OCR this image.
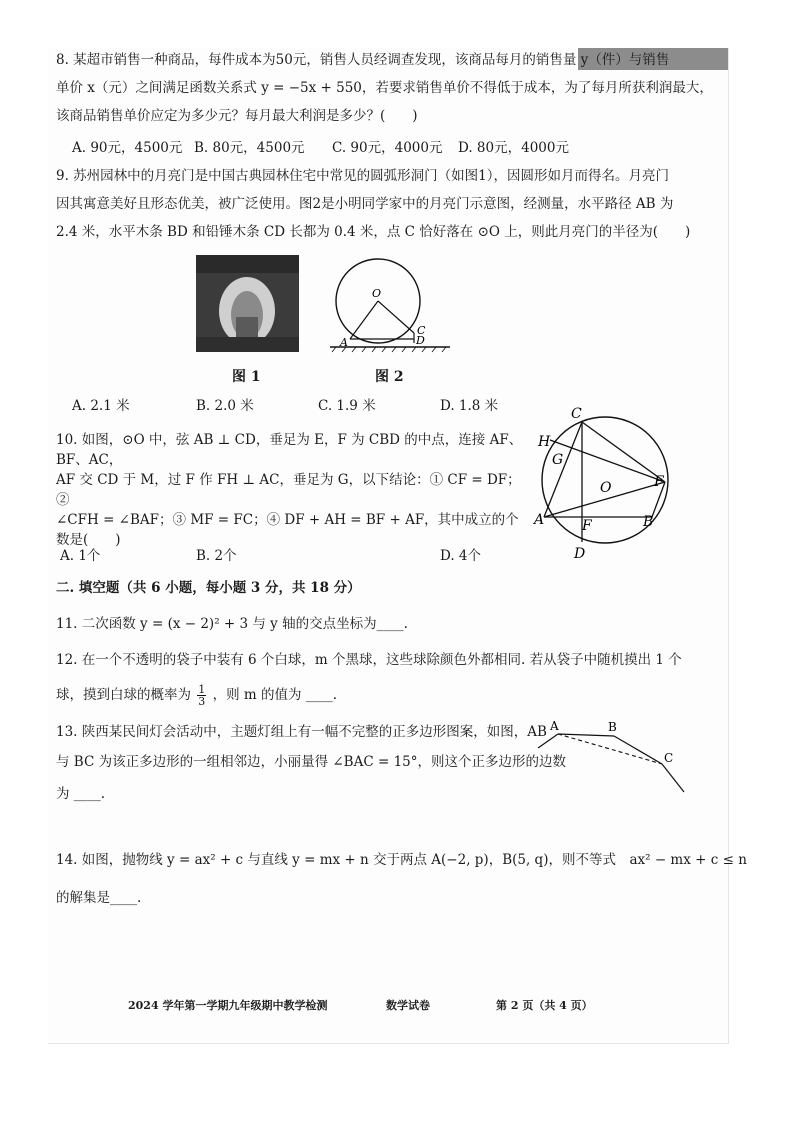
8. 某超市销售一种商品，每件成本为50元，销售人员经调查发现，该商品每月的销售量 y（件）与销售
单价 x（元）之间满足函数关系式 y = −5x + 550，若要求销售单价不得低于成本，为了每月所获利润最大，
该商品销售单价应定为多少元？每月最大利润是多少？(　　)
A. 90元，4500元 B. 80元，4500元 C. 90元，4000元 D. 80元，4000元
9. 苏州园林中的月亮门是中国古典园林住宅中常见的圆弧形洞门（如图1），因圆形如月而得名。月亮门
因其寓意美好且形态优美，被广泛使用。图2是小明同学家中的月亮门示意图，经测量，水平路径 AB 为
2.4 米，水平木条 BD 和铅锤木条 CD 长都为 0.4 米，点 C 恰好落在 ⊙O 上，则此月亮门的半径为(　　)
O
A
C
D
图 1	图 2
A. 2.1 米	B. 2.0 米	C. 1.9 米	D. 1.8 米
10. 如图，⊙O 中，弦 AB ⊥ CD，垂足为 E，F 为 CBD 的中点，连接 AF、BF、AC，
AF 交 CD 于 M，过 F 作 FH ⊥ AC，垂足为 G，以下结论：① CF = DF；②
∠CFH = ∠BAF；③ MF = FC；④ DF + AH = BF + AF，其中成立的个数是(　　)
A. 1个	B. 2个	D. 4个
C
H
G
O	F
A	B
F
D
二. 填空题（共 6 小题，每小题 3 分，共 18 分）
11. 二次函数 y = (x − 2)² + 3 与 y 轴的交点坐标为____.
12. 在一个不透明的袋子中装有 6 个白球，m 个黑球，这些球除颜色外都相同. 若从袋子中随机摸出 1 个
球，摸到白球的概率为 $\frac{1}{3}$ ，则 m 的值为 ____.
13. 陕西某民间灯会活动中，主题灯组上有一幅不完整的正多边形图案，如图，AB
与 BC 为该正多边形的一组相邻边，小丽量得 ∠BAC = 15°，则这个正多边形的边数
为 ____.
A	B
C
14. 如图，抛物线 y = ax² + c 与直线 y = mx + n 交于两点 A(−2, p)，B(5, q)，则不等式　ax² − mx + c ≤ n
的解集是____.
2024 学年第一学期九年级期中教学检测	数学试卷	第 2 页（共 4 页）
